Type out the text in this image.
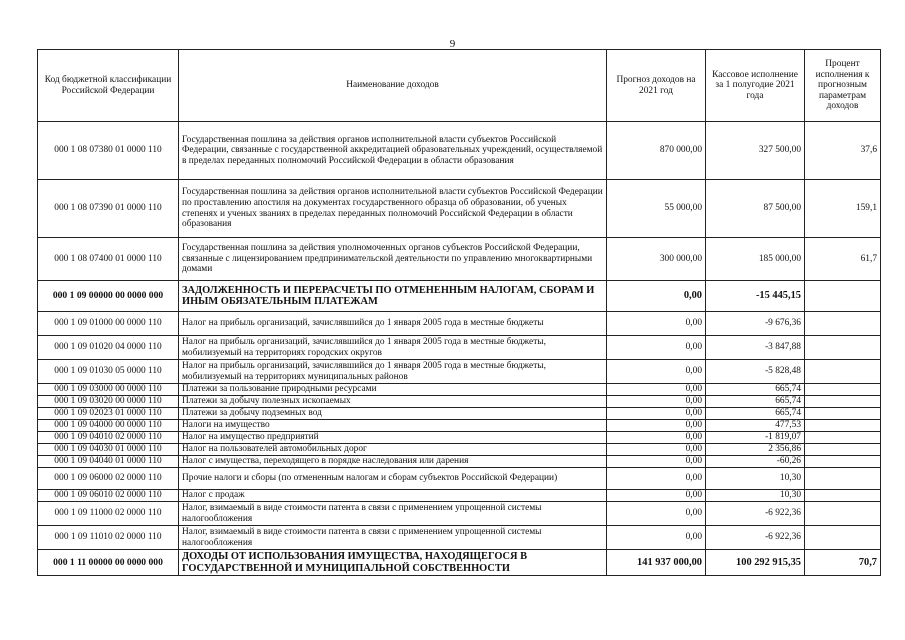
9
Код бюджетной классификации Российской Федерации	Наименование доходов	Прогноз доходов на 2021 год	Кассовое исполнение за 1 полугодие 2021 года	Процент исполнения к прогнозным параметрам доходов
000 1 08 07380 01 0000 110	Государственная пошлина за действия органов исполнительной власти субъектов Российской Федерации, связанные с государственной аккредитацией образовательных учреждений, осуществляемой в пределах переданных полномочий Российской Федерации в области образования	870 000,00	327 500,00	37,6
000 1 08 07390 01 0000 110	Государственная пошлина за действия органов исполнительной власти субъектов Российской Федерации по проставлению апостиля на документах государственного образца об образовании, об ученых степенях и ученых званиях в пределах переданных полномочий Российской Федерации в области образования	55 000,00	87 500,00	159,1
000 1 08 07400 01 0000 110	Государственная пошлина за действия уполномоченных органов субъектов Российской Федерации, связанные с лицензированием предпринимательской деятельности по управлению многоквартирными домами	300 000,00	185 000,00	61,7
000 1 09 00000 00 0000 000	ЗАДОЛЖЕННОСТЬ И ПЕРЕРАСЧЕТЫ ПО ОТМЕНЕННЫМ НАЛОГАМ, СБОРАМ И ИНЫМ ОБЯЗАТЕЛЬНЫМ ПЛАТЕЖАМ	0,00	-15 445,15	
000 1 09 01000 00 0000 110	Налог на прибыль организаций, зачислявшийся до 1 января 2005 года в местные бюджеты	0,00	-9 676,36	
000 1 09 01020 04 0000 110	Налог на прибыль организаций, зачислявшийся до 1 января 2005 года в местные бюджеты, мобилизуемый на территориях городских округов	0,00	-3 847,88	
000 1 09 01030 05 0000 110	Налог на прибыль организаций, зачислявшийся до 1 января 2005 года в местные бюджеты, мобилизуемый на территориях муниципальных районов	0,00	-5 828,48	
000 1 09 03000 00 0000 110	Платежи за пользование природными ресурсами	0,00	665,74	
000 1 09 03020 00 0000 110	Платежи за добычу полезных ископаемых	0,00	665,74	
000 1 09 02023 01 0000 110	Платежи за добычу подземных вод	0,00	665,74	
000 1 09 04000 00 0000 110	Налоги на имущество	0,00	477,53	
000 1 09 04010 02 0000 110	Налог на имущество предприятий	0,00	-1 819,07	
000 1 09 04030 01 0000 110	Налог на пользователей автомобильных дорог	0,00	2 356,86	
000 1 09 04040 01 0000 110	Налог с имущества, переходящего в порядке наследования или дарения	0,00	-60,26	
000 1 09 06000 02 0000 110	Прочие налоги и сборы (по отмененным налогам и сборам субъектов Российской Федерации)	0,00	10,30	
000 1 09 06010 02 0000 110	Налог с продаж	0,00	10,30	
000 1 09 11000 02 0000 110	Налог, взимаемый в виде стоимости патента в связи с применением упрощенной системы налогообложения	0,00	-6 922,36	
000 1 09 11010 02 0000 110	Налог, взимаемый в виде стоимости патента в связи с применением упрощенной системы налогообложения	0,00	-6 922,36	
000 1 11 00000 00 0000 000	ДОХОДЫ ОТ ИСПОЛЬЗОВАНИЯ ИМУЩЕСТВА, НАХОДЯЩЕГОСЯ В ГОСУДАРСТВЕННОЙ И МУНИЦИПАЛЬНОЙ СОБСТВЕННОСТИ	141 937 000,00	100 292 915,35	70,7
